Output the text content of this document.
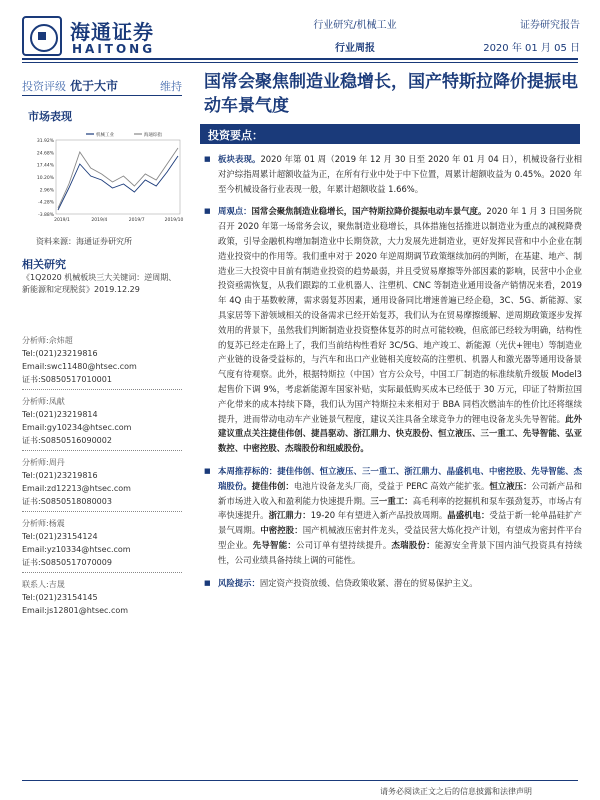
海通证券
HAITONG
行业研究/机械工业
行业周报
证券研究报告
2020 年 01 月 05 日
投资评级 优于大市	维持 国常会聚焦制造业稳增长，国产特斯拉降价提振电动车景气度
投资要点：
市场表现
31.92%
24.68%
17.44%
10.20%
2.96%
-4.28%
-3.88%
2019/1	2019/4	2019/7	2019/10
机械工业	海通综指
资料来源：海通证券研究所
相关研究
《1Q2020 机械板块三大关键词：逆周期、新能源和定现脱贫》2019.12.29
分析师:佘炜超
Tel:(021)23219816
Email:swc11480@htsec.com
证书:S0850517010001
分析师:凤献
Tel:(021)23219814
Email:gy10234@htsec.com
证书:S0850516090002
分析师:周丹
Tel:(021)23219816
Email:zd12213@htsec.com
证书:S0850518080003
分析师:杨震
Tel:(021)23154124
Email:yz10334@htsec.com
证书:S0850517070009
联系人:吉晟
Tel:(021)23154145
Email:js12801@htsec.com
■ 板块表现。2020 年第 01 周（2019 年 12 月 30 日至 2020 年 01 月 04 日），机械设备行业相对沪综指周累计超额收益为正，在所有行业中处于中下位置，周累计超额收益为 0.45%。2020 年至今机械设备行业表现一般，年累计超额收益 1.66%。
■ 周观点：国常会聚焦制造业稳增长，国产特斯拉降价提振电动车景气度。2020 年 1 月 3 日国务院召开 2020 年第一场常务会议，聚焦制造业稳增长，具体措施包括推进以制造业为重点的减税降费政策，引导金融机构增加制造业中长期贷款，大力发展先进制造业，更好发挥民营和中小企业在制造业投资中的作用等。我们重申对于 2020 年逆周期调节政策继续加码的判断，在基建、地产、制造业三大投资中目前有制造业投资的趋势最弱，并且受贸易摩擦等外部因素的影响，民营中小企业投资亟需恢复，从我们跟踪的工业机器人、注塑机、CNC 等制造业通用设备产销情况来看，2019 年 4Q 由于基数較薄，需求弱复苏因素，通用设备同比增速普遍已经企稳，3C、5G、新能源、家具家居等下游领域相关的设备需求已经开始复苏，我们认为在贸易摩擦缓解、逆周期政策逐步发挥效用的背景下，虽然我们判断制造业投资整体复苏的时点可能较晚，但底部已经较为明确，结构性的复苏已经走在路上了，我们当前结构性看好 3C/5G、地产竣工、新能源（光伏+锂电）等制造业产业链的设备受益标的，与汽车和出口产业链相关度较高的注塑机、机器人和激光器等通用设备景气度有待观察。此外，根据特斯拉（中国）官方公众号，中国工厂制造的标准续航升级版 Model3 起售价下调 9%，考虑新能源车国家补贴，实际最低购买成本已经低于 30 万元，印证了特斯拉国产化带来的成本持续下降，我们认为国产特斯拉未来相对于 BBA 同档次燃油车的性价比还将继续提升，进而带动电动车产业链景气程度，建议关注具备全球竞争力的锂电设备龙头先导智能。此外建议重点关注捷佳伟创、捷昌驱动、浙江鼎力、快克股份、恒立液压、三一重工、先导智能、弘亚数控、中密控股、杰瑞股份和纽威股份。
■ 本周推荐标的：捷佳伟创、恒立液压、三一重工、浙江鼎力、晶盛机电、中密控股、先导智能、杰瑞股份。捷佳伟创：电池片设备龙头厂商，受益于 PERC 高效产能扩张。恒立液压：公司新产品和新市场进入收入和盈利能力快速提升期。三一重工：高毛利率的挖掘机和泵车强劲复苏，市场占有率快速提升。浙江鼎力：19-20 年有望进入新产品投放周期。晶盛机电：受益于新一轮单晶硅扩产景气周期。中密控股：国产机械液压密封件龙头，受益民营大炼化投产计划，有望成为密封件平台型企业。先导智能：公司订单有望持续提升。杰瑞股份：能源安全背景下国内油气投资具有持续性，公司业绩具备持续上调的可能性。
■ 风险提示：固定资产投资放缓、信贷政策收紧、潜在的贸易保护主义。
请务必阅读正文之后的信息披露和法律声明
